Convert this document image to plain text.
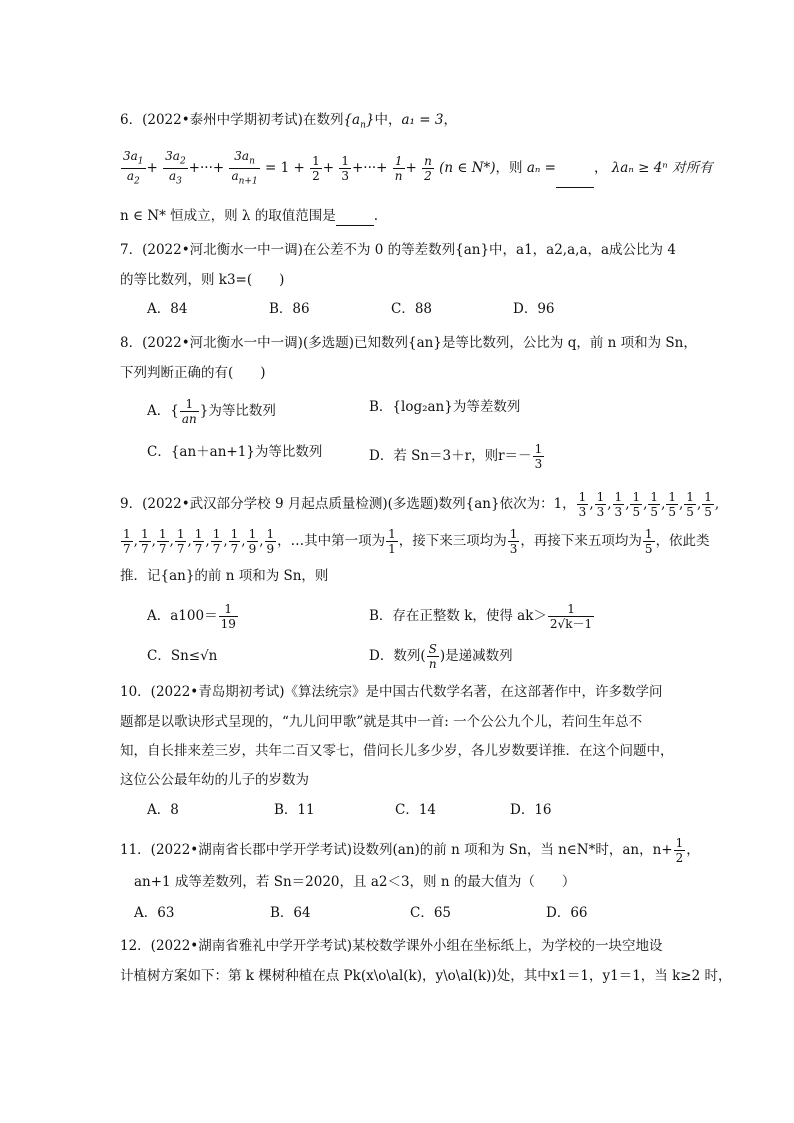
6．(2022•泰州中学期初考试)在数列$\{a_n\}$中，a₁ = 3，
$\frac{3a_1}{a_2} + \frac{3a_2}{a_3}$ +···+ $\frac{3a_n}{a_{n+1}} = 1 + \frac{1}{2} + \frac{1}{3}$ +···+ $\frac{1}{n} + \frac{n}{2} (n$ ∈ N*)，则 aₙ =	， λaₙ ≥ 4ⁿ 对所有
n ∈ N* 恒成立，则 λ 的取值范围是	.
7．(2022•河北衡水一中一调)在公差不为 0 的等差数列{an}中，a1，a2,a,a，a成公比为 4
的等比数列，则 k3=(　　)
A．84	B．86	C．88	D．96
8．(2022•河北衡水一中一调)(多选题)已知数列{an}是等比数列，公比为 q，前 n 项和为 Sn，
下列判断正确的有(　　)
A．{ $\frac{1}{an}$ }为等比数列	B．{log₂an}为等差数列
C．{an＋an+1}为等比数列	D．若 Sn＝3＋r，则$r=- \frac{1}{3}$
9．(2022•武汉部分学校 9 月起点质量检测)(多选题)数列{an}依次为：1， $\frac{1}{3}$ , $\frac{1}{3}$ , $\frac{1}{3}$ , $\frac{1}{5}$ , $\frac{1}{5}$ , $\frac{1}{5}$ , $\frac{1}{5}$ , $\frac{1}{5}$ ,
$\frac{1}{7}$ , $\frac{1}{7}$ , $\frac{1}{7}$ , $\frac{1}{7}$ , $\frac{1}{7}$ , $\frac{1}{7}$ , $\frac{1}{7}$ , $\frac{1}{9}$ , $\frac{1}{9}$ ，…其中第一项为 $\frac{1}{1}$ ，接下来三项均为 $\frac{1}{3}$ ，再接下来五项均为 $\frac{1}{5}$ ，依此类
推．记{an}的前 n 项和为 Sn，则
A．$a100= \frac{1}{19}$	B．存在正整数 k，使得 $ak> \frac{1}{2√k-1}$
C．Sn≤√n	D．数列( $\frac{S}{n}$ )是递减数列
10．(2022•青岛期初考试)《算法统宗》是中国古代数学名著，在这部著作中，许多数学问
题都是以歌诀形式呈现的，“九儿问甲歌”就是其中一首: 一个公公九个儿，若问生年总不
知，自长排来差三岁，共年二百又零七，借问长儿多少岁，各儿岁数要详推．在这个问题中，
这位公公最年幼的儿子的岁数为
A．8	B．11	C．14	D．16
11．(2022•湖南省长郡中学开学考试)设数列(an)的前 n 项和为 Sn，当 n∈N*时，an，$n+ \frac{1}{2}$ ，
an+1 成等差数列，若 Sn＝2020，且 a2＜3，则 n 的最大值为（　　）
A．63	B．64	C．65	D．66
12．(2022•湖南省雅礼中学开学考试)某校数学课外小组在坐标纸上，为学校的一块空地设
计植树方案如下：第 k 棵树种植在点 Pk(x\o\al(k)，y\o\al(k))处，其中x1＝1，y1＝1，当 k≥2 时，
